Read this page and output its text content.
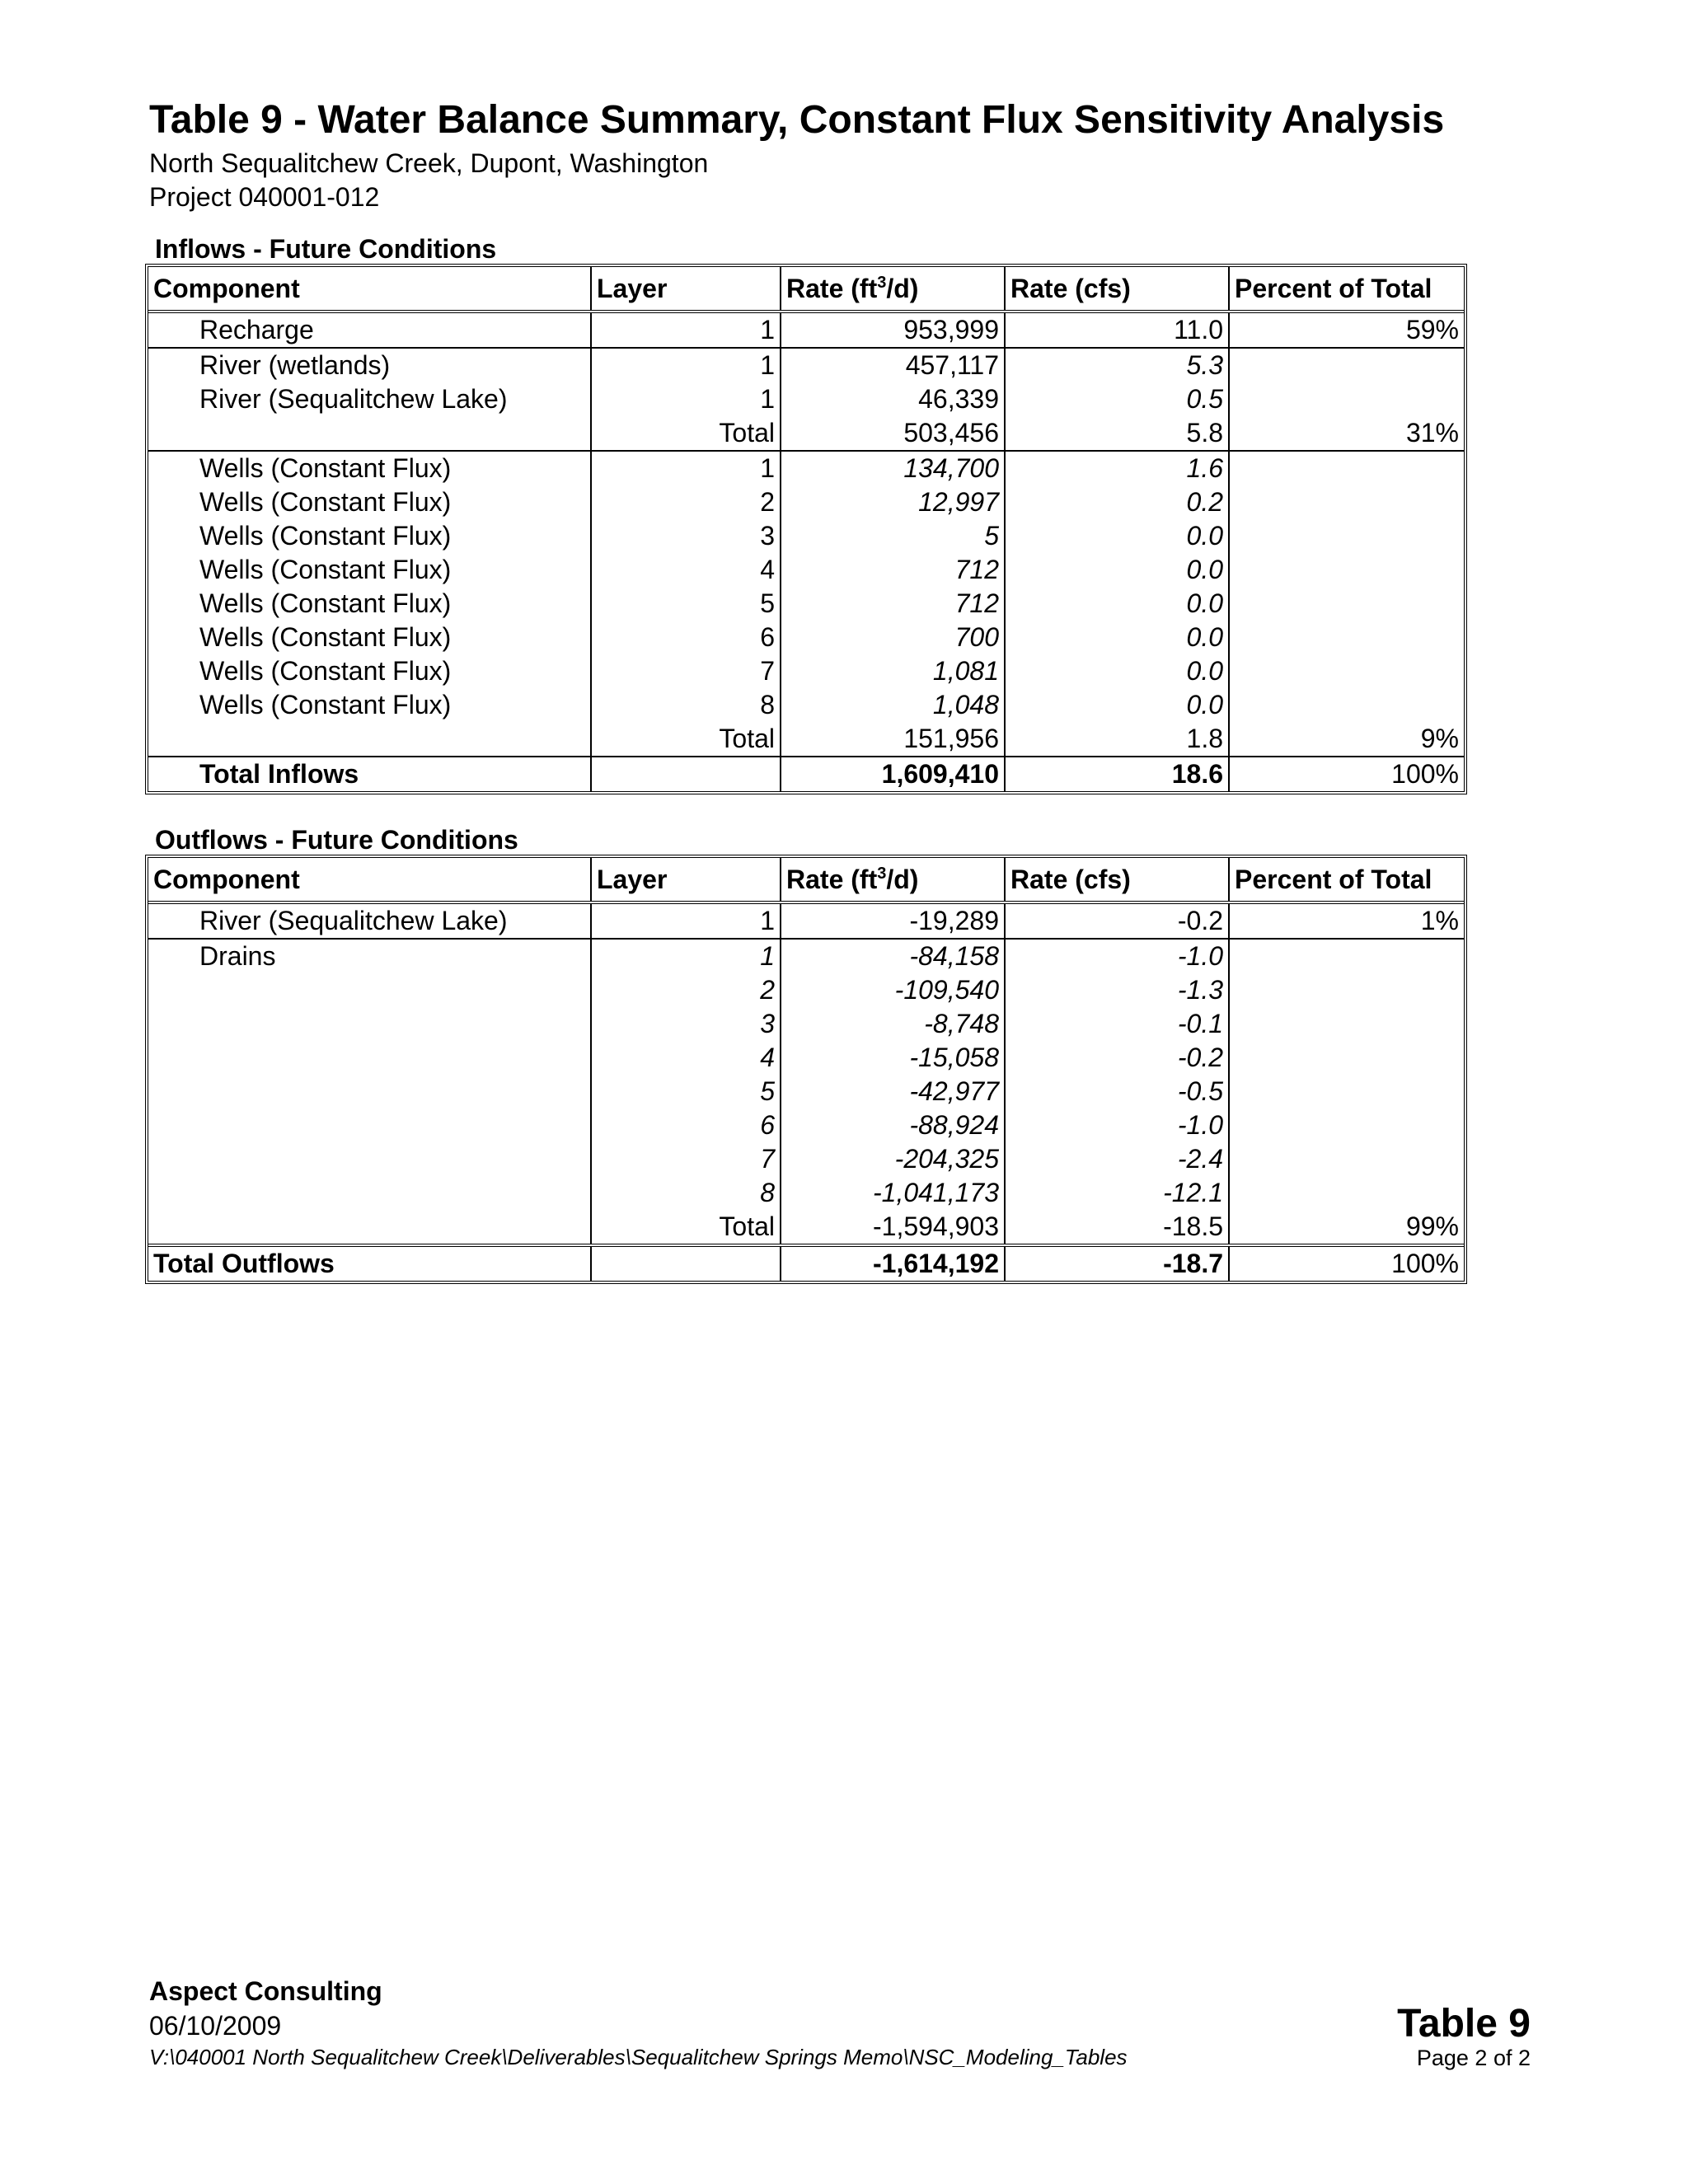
Table 9 - Water Balance Summary, Constant Flux Sensitivity Analysis
North Sequalitchew Creek, Dupont, Washington
Project 040001-012
Inflows - Future Conditions
Component	Layer	Rate $(ft^3/d)$	Rate (cfs)	Percent of Total
Recharge	1	953,999	11.0	59%
River (wetlands)	1	457,117	5.3	
River (Sequalitchew Lake)	1	46,339	0.5	
	Total	503,456	5.8	31%
Wells (Constant Flux)	1	134,700	1.6	
Wells (Constant Flux)	2	12,997	0.2	
Wells (Constant Flux)	3	5	0.0	
Wells (Constant Flux)	4	712	0.0	
Wells (Constant Flux)	5	712	0.0	
Wells (Constant Flux)	6	700	0.0	
Wells (Constant Flux)	7	1,081	0.0	
Wells (Constant Flux)	8	1,048	0.0	
	Total	151,956	1.8	9%
Total Inflows		1,609,410	18.6	100%
Outflows - Future Conditions
Component	Layer	Rate $(ft^3/d)$	Rate (cfs)	Percent of Total
River (Sequalitchew Lake)	1	-19,289	-0.2	1%
Drains	1	-84,158	-1.0	
	2	-109,540	-1.3	
	3	-8,748	-0.1	
	4	-15,058	-0.2	
	5	-42,977	-0.5	
	6	-88,924	-1.0	
	7	-204,325	-2.4	
	8	-1,041,173	-12.1	
	Total	-1,594,903	-18.5	99%
Total Outflows		-1,614,192	-18.7	100%
Aspect Consulting
06/10/2009
V:\040001 North Sequalitchew Creek\Deliverables\Sequalitchew Springs Memo\NSC_Modeling_Tables
Table 9
Page 2 of 2
